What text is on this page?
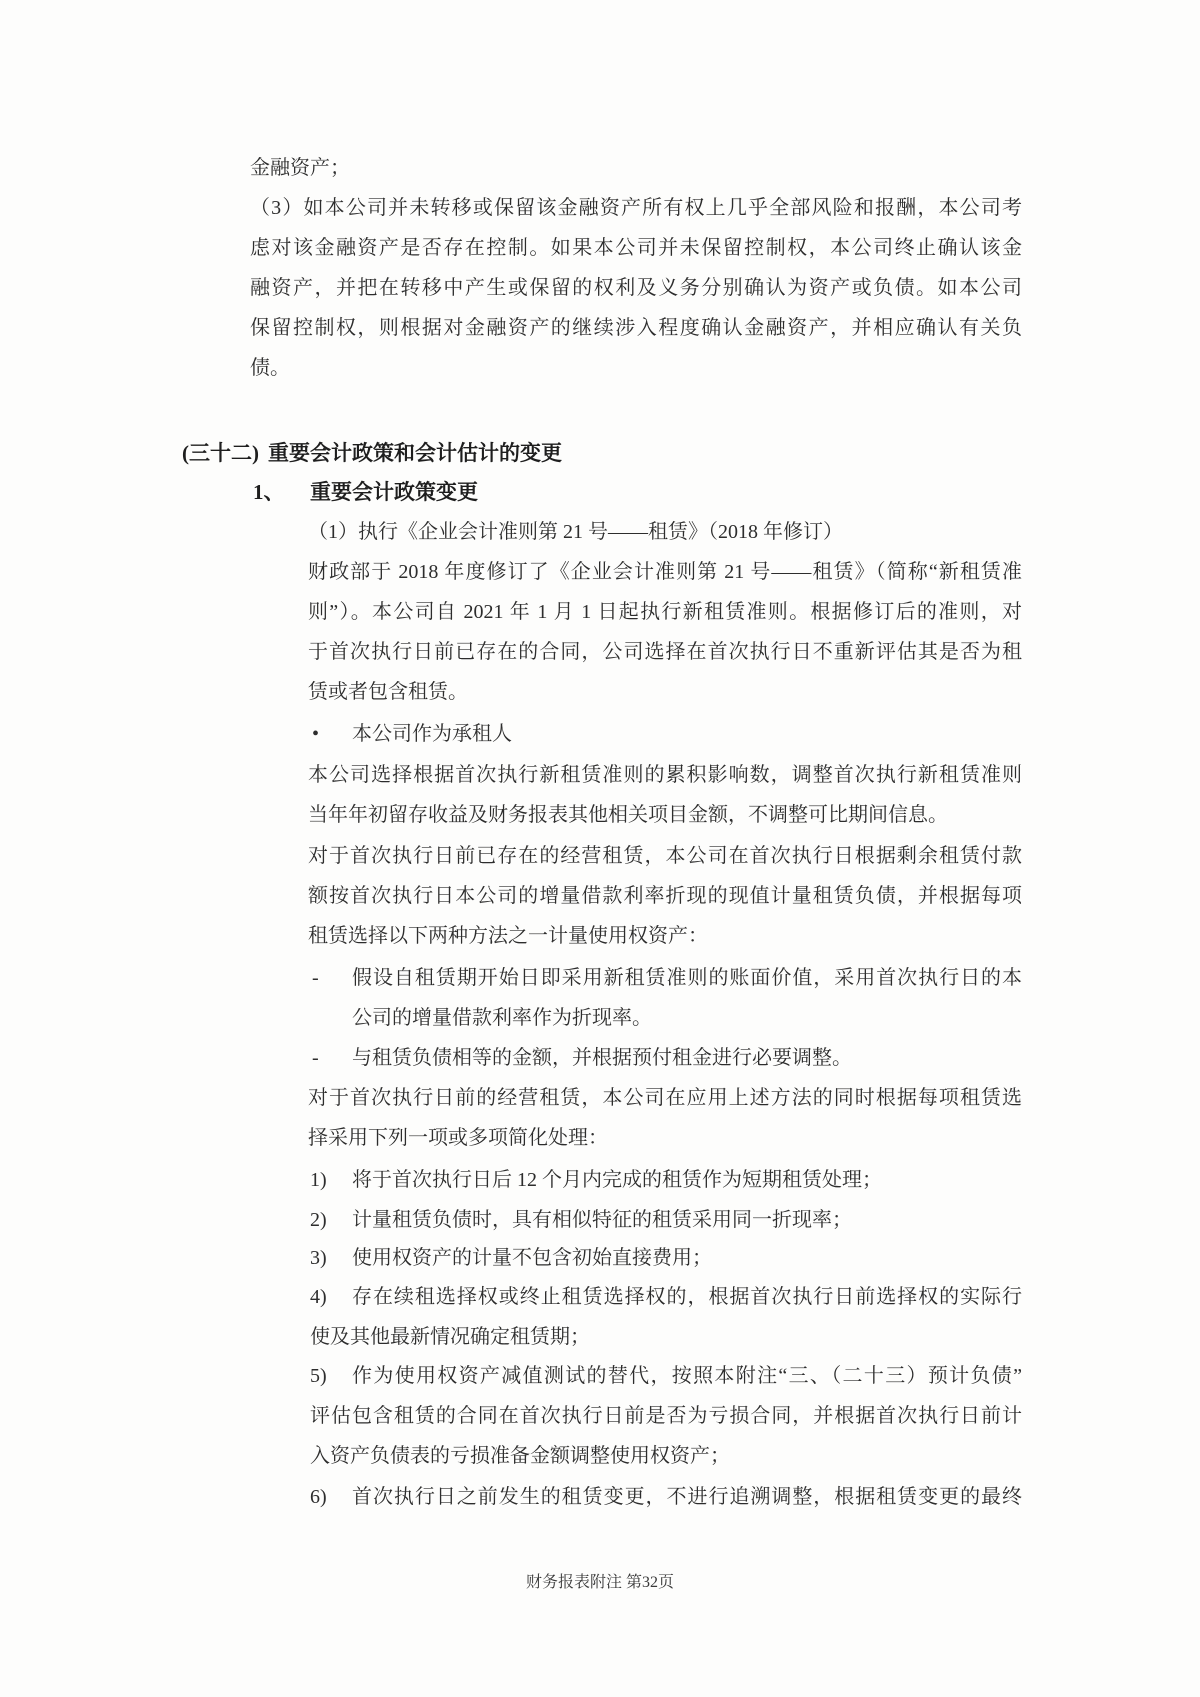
金融资产；
（3）如本公司并未转移或保留该金融资产所有权上几乎全部风险和报酬，本公司考
虑对该金融资产是否存在控制。如果本公司并未保留控制权，本公司终止确认该金
融资产，并把在转移中产生或保留的权利及义务分别确认为资产或负债。如本公司
保留控制权，则根据对金融资产的继续涉入程度确认金融资产，并相应确认有关负
债。
(三十二) 重要会计政策和会计估计的变更
1、 重要会计政策变更
（1）执行《企业会计准则第 21 号——租赁》（2018 年修订）
财政部于 2018 年度修订了《企业会计准则第 21 号——租赁》（简称“新租赁准
则”）。本公司自 2021 年 1 月 1 日起执行新租赁准则。根据修订后的准则，对
于首次执行日前已存在的合同，公司选择在首次执行日不重新评估其是否为租
赁或者包含租赁。
• 本公司作为承租人
本公司选择根据首次执行新租赁准则的累积影响数，调整首次执行新租赁准则
当年年初留存收益及财务报表其他相关项目金额，不调整可比期间信息。
对于首次执行日前已存在的经营租赁，本公司在首次执行日根据剩余租赁付款
额按首次执行日本公司的增量借款利率折现的现值计量租赁负债，并根据每项
租赁选择以下两种方法之一计量使用权资产：
- 假设自租赁期开始日即采用新租赁准则的账面价值，采用首次执行日的本
公司的增量借款利率作为折现率。
- 与租赁负债相等的金额，并根据预付租金进行必要调整。
对于首次执行日前的经营租赁，本公司在应用上述方法的同时根据每项租赁选
择采用下列一项或多项简化处理：
1) 将于首次执行日后 12 个月内完成的租赁作为短期租赁处理；
2) 计量租赁负债时，具有相似特征的租赁采用同一折现率；
3) 使用权资产的计量不包含初始直接费用；
4) 存在续租选择权或终止租赁选择权的，根据首次执行日前选择权的实际行
使及其他最新情况确定租赁期；
5) 作为使用权资产减值测试的替代，按照本附注“三、（二十三）预计负债”
评估包含租赁的合同在首次执行日前是否为亏损合同，并根据首次执行日前计
入资产负债表的亏损准备金额调整使用权资产；
6) 首次执行日之前发生的租赁变更，不进行追溯调整，根据租赁变更的最终
财务报表附注 第32页
